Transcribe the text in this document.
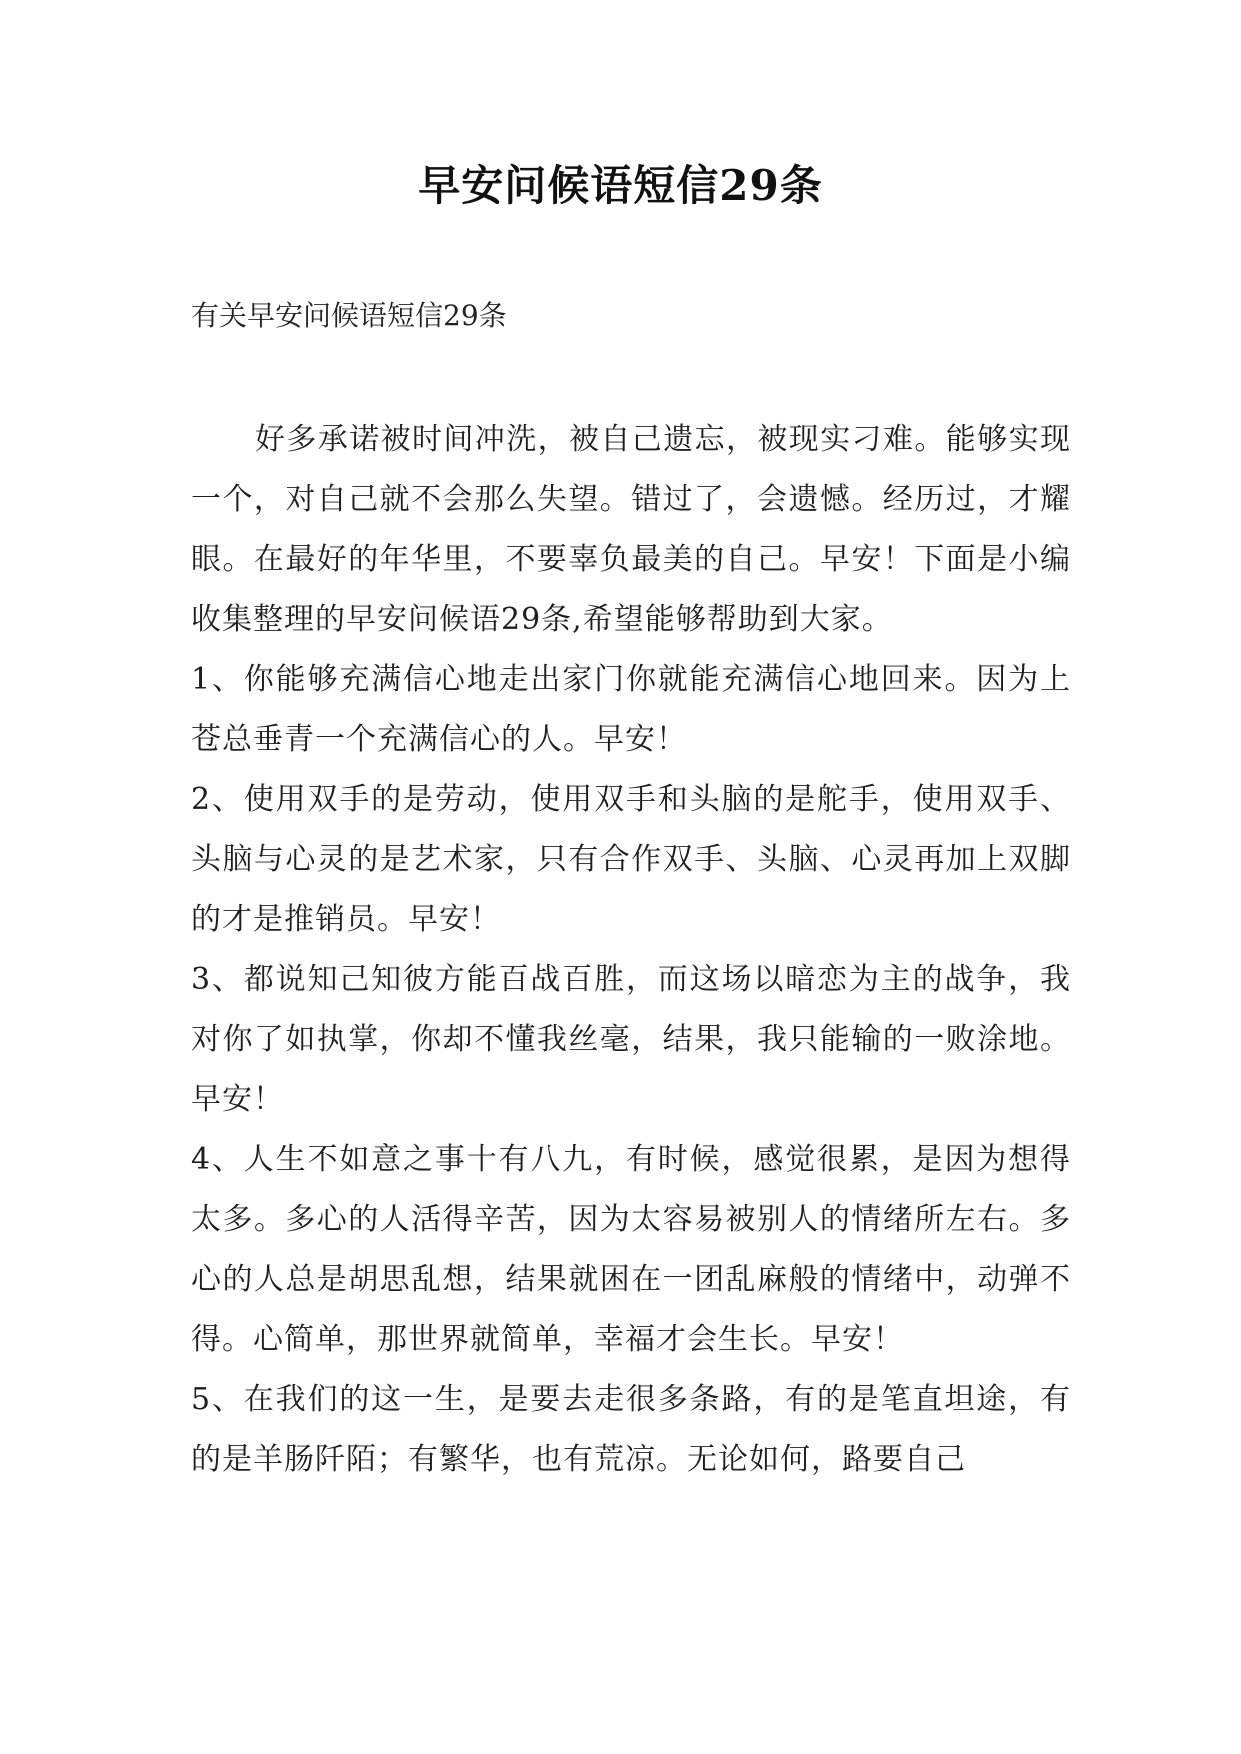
早安问候语短信29条
有关早安问候语短信29条

好多承诺被时间冲洗，被自己遗忘，被现实刁难。能够实现一个，对自己就不会那么失望。错过了，会遗憾。经历过，才耀眼。在最好的年华里，不要辜负最美的自己。早安！下面是小编收集整理的早安问候语29条,希望能够帮助到大家。

1、你能够充满信心地走出家门你就能充满信心地回来。因为上苍总垂青一个充满信心的人。早安！

2、使用双手的是劳动，使用双手和头脑的是舵手，使用双手、头脑与心灵的是艺术家，只有合作双手、头脑、心灵再加上双脚的才是推销员。早安！

3、都说知己知彼方能百战百胜，而这场以暗恋为主的战争，我对你了如执掌，你却不懂我丝毫，结果，我只能输的一败涂地。早安！

4、人生不如意之事十有八九，有时候，感觉很累，是因为想得太多。多心的人活得辛苦，因为太容易被别人的情绪所左右。多心的人总是胡思乱想，结果就困在一团乱麻般的情绪中，动弹不得。心简单，那世界就简单，幸福才会生长。早安！

5、在我们的这一生，是要去走很多条路，有的是笔直坦途，有的是羊肠阡陌；有繁华，也有荒凉。无论如何，路要自己
